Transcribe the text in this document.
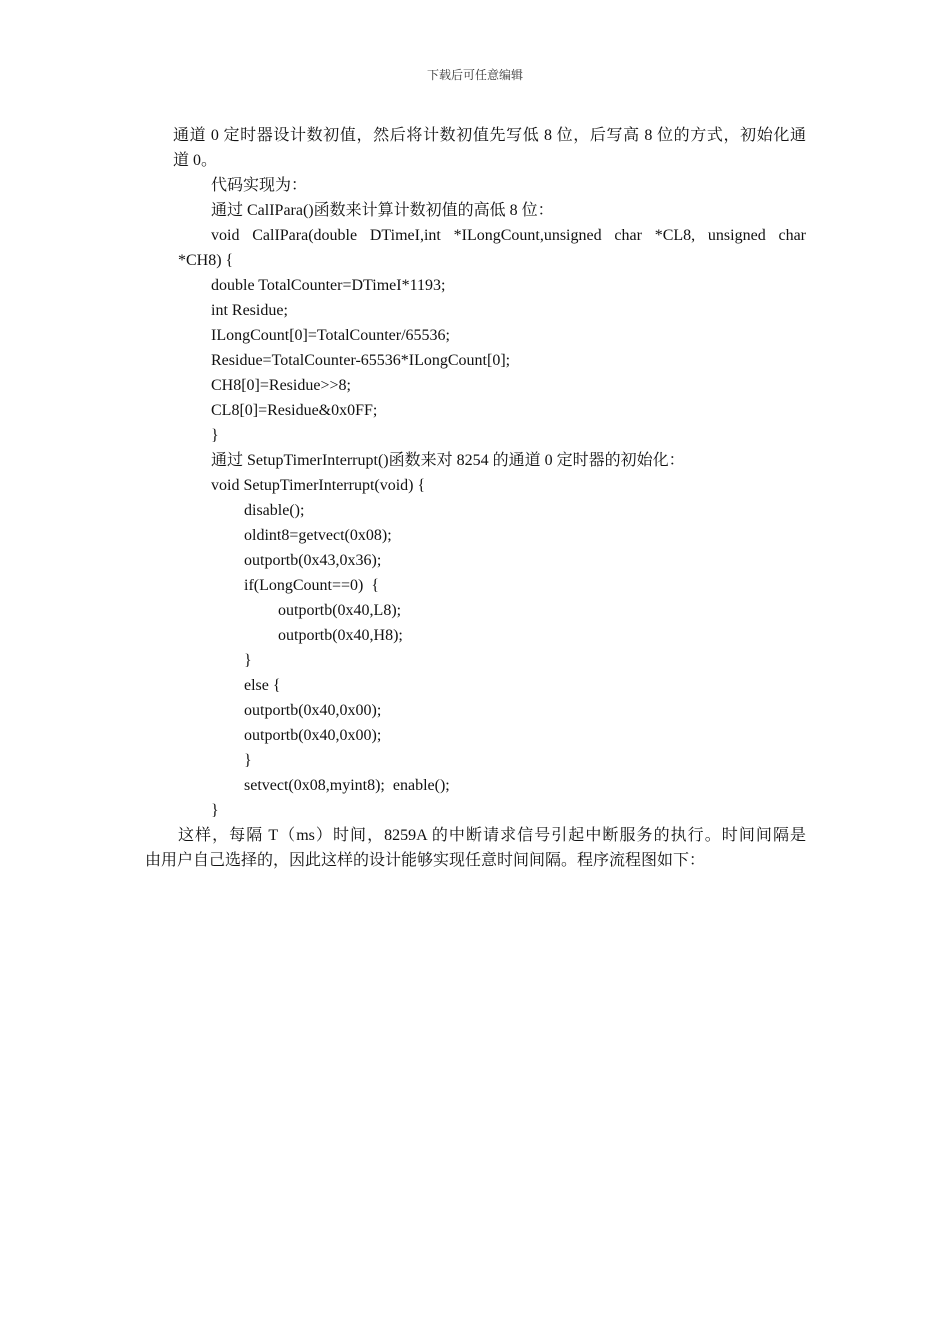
下载后可任意编辑
通道 0 定时器设计数初值，然后将计数初值先写低 8 位，后写高 8 位的方式，初始化通
道 0。
代码实现为：
通过 CalIPara()函数来计算计数初值的高低 8 位：
void CalIPara(double DTimeI,int *ILongCount,unsigned char *CL8, unsigned char
*CH8) {
double TotalCounter=DTimeI*1193;
int Residue;
ILongCount[0]=TotalCounter/65536;
Residue=TotalCounter-65536*ILongCount[0];
CH8[0]=Residue>>8;
CL8[0]=Residue&0x0FF;
}
通过 SetupTimerInterrupt()函数来对 8254 的通道 0 定时器的初始化：
void SetupTimerInterrupt(void) {
disable();
oldint8=getvect(0x08);
outportb(0x43,0x36);
if(LongCount==0)  {
outportb(0x40,L8);
outportb(0x40,H8);
}
else {
outportb(0x40,0x00);
outportb(0x40,0x00);
}
setvect(0x08,myint8);  enable();
}
这样，每隔 T（ms）时间，8259A 的中断请求信号引起中断服务的执行。时间间隔是
由用户自己选择的，因此这样的设计能够实现任意时间间隔。程序流程图如下：
